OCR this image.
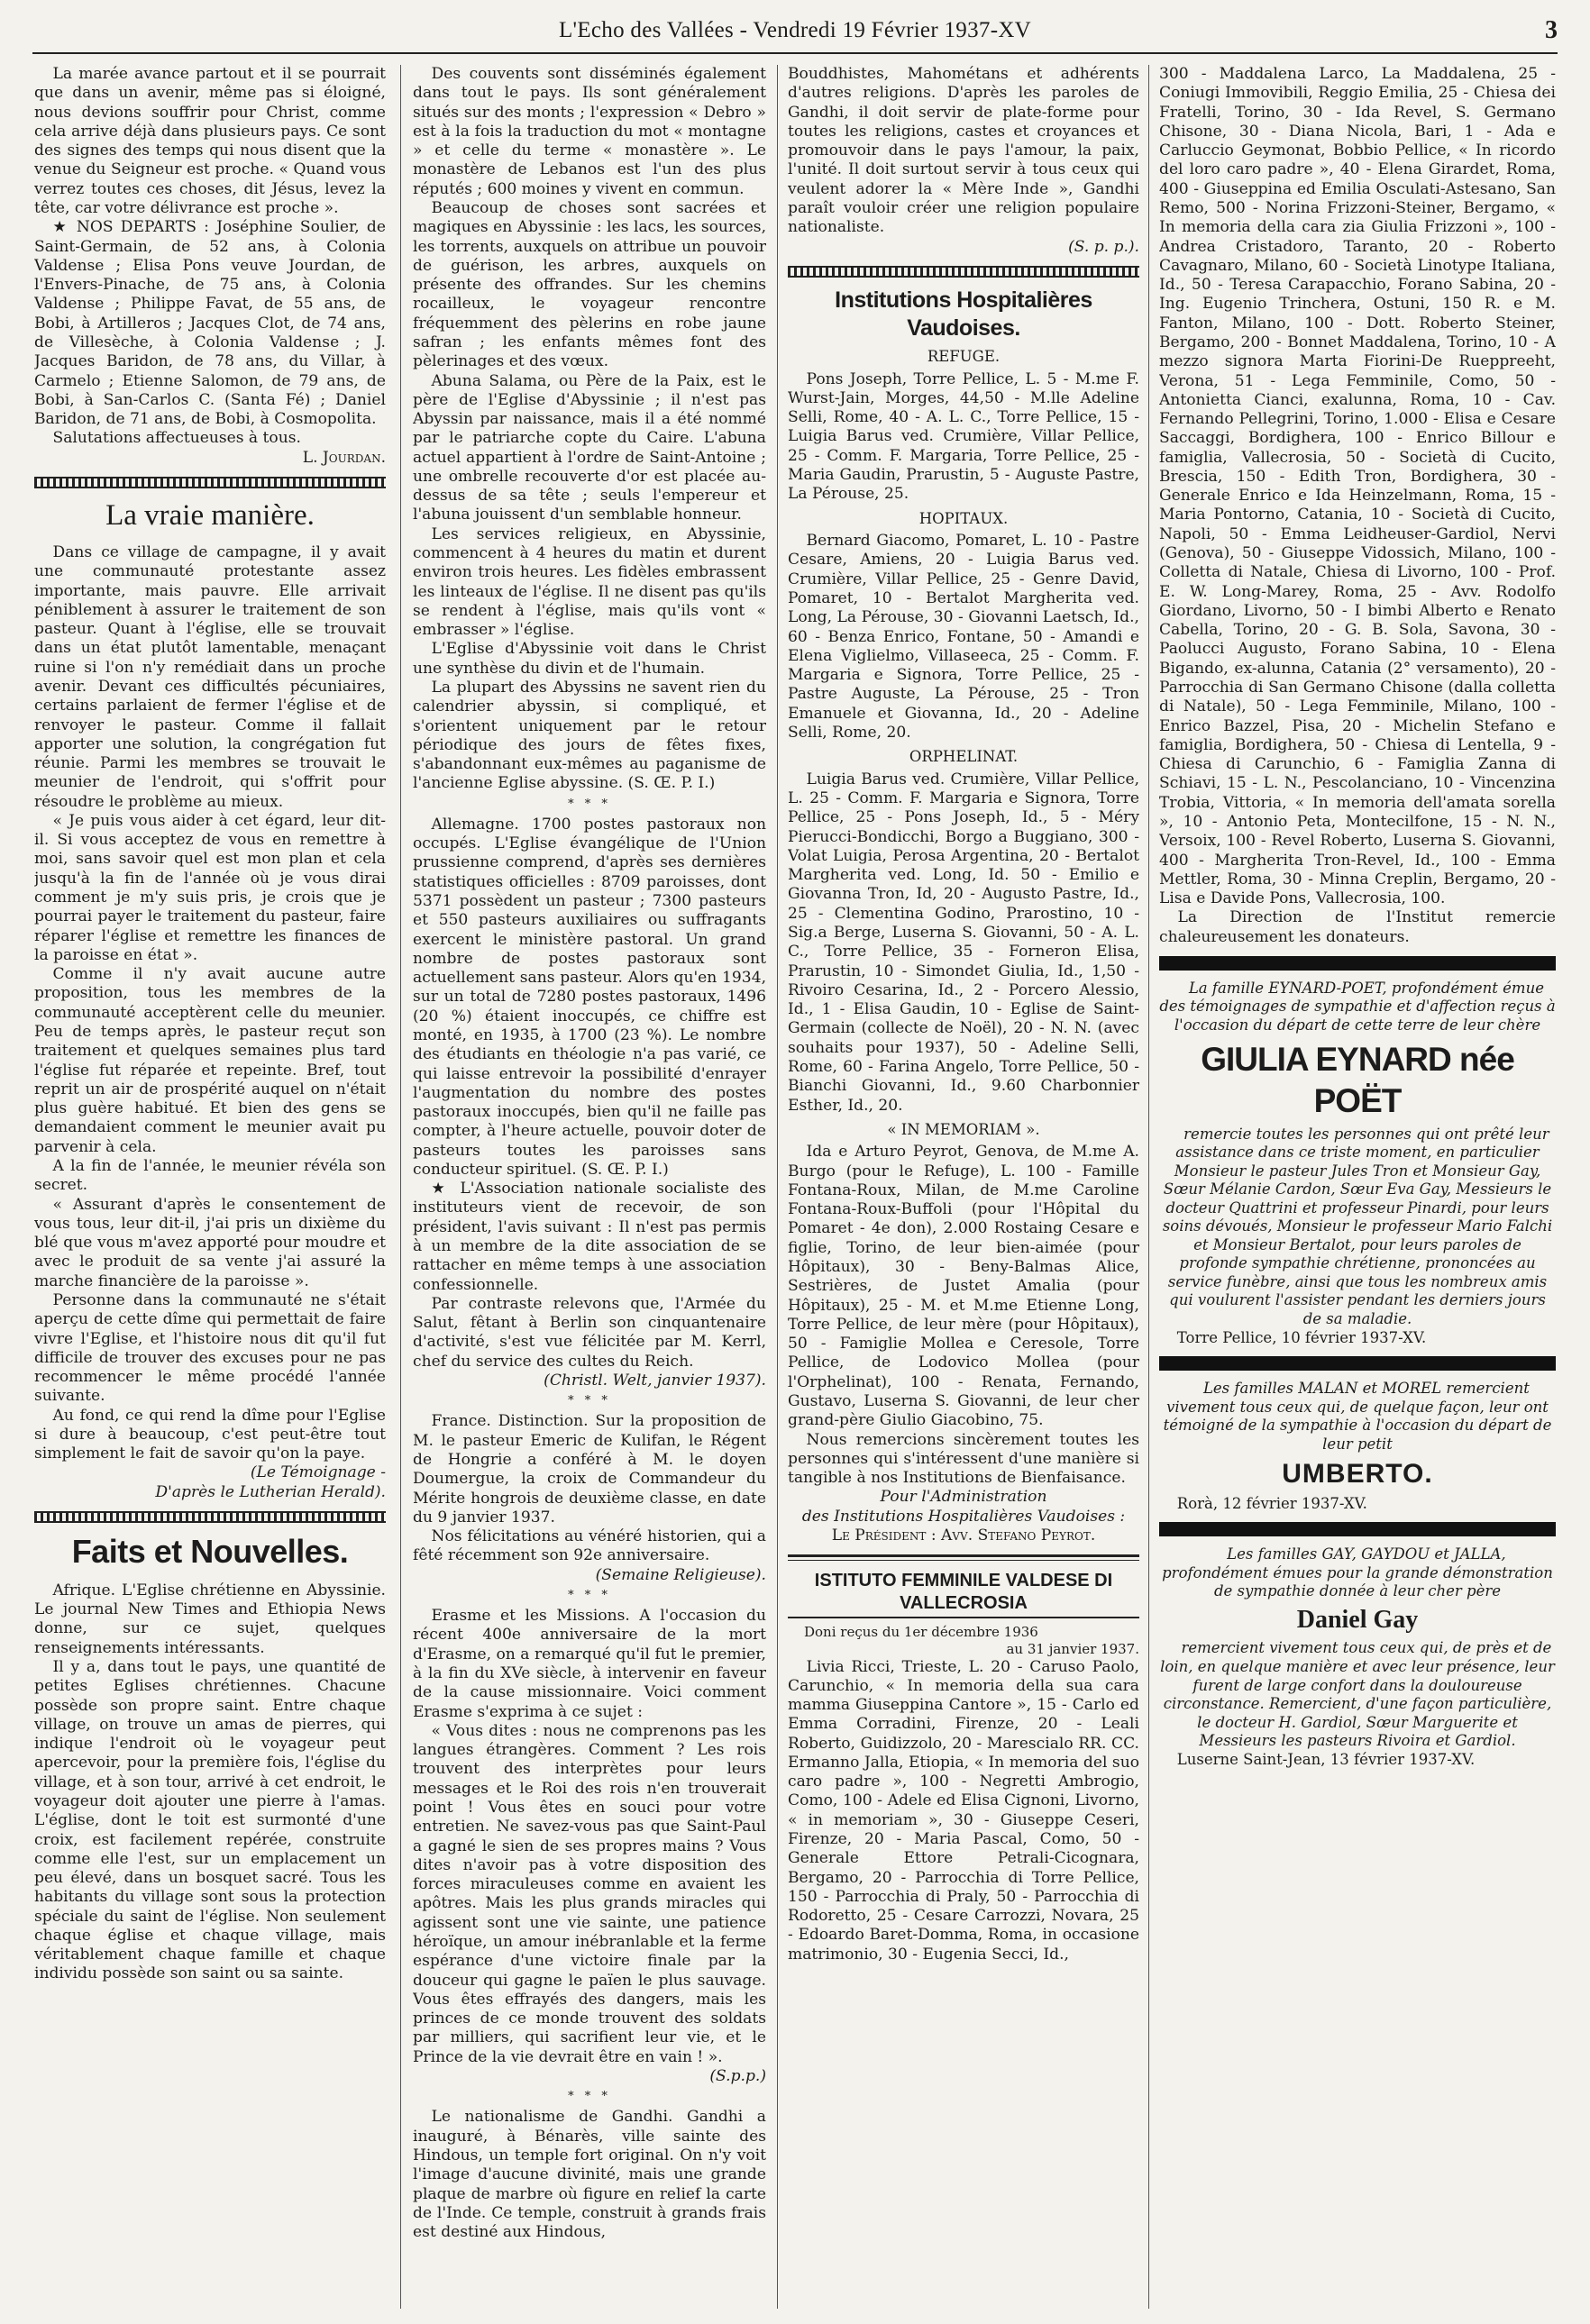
L'Echo des Vallées - Vendredi 19 Février 1937-XV	3

La marée avance partout et il se pourrait que dans un avenir, même pas si éloigné, nous devions souffrir pour Christ, comme cela arrive déjà dans plusieurs pays. Ce sont des signes des temps qui nous disent que la venue du Seigneur est proche. « Quand vous verrez toutes ces choses, dit Jésus, levez la tête, car votre délivrance est proche ».

★ NOS DEPARTS : Joséphine Soulier, de Saint-Germain, de 52 ans, à Colonia Valdense ; Elisa Pons veuve Jourdan, de l'Envers-Pinache, de 75 ans, à Colonia Valdense ; Philippe Favat, de 55 ans, de Bobi, à Artilleros ; Jacques Clot, de 74 ans, de Villesèche, à Colonia Valdense ; J. Jacques Baridon, de 78 ans, du Villar, à Carmelo ; Etienne Salomon, de 79 ans, de Bobi, à San-Carlos C. (Santa Fé) ; Daniel Baridon, de 71 ans, de Bobi, à Cosmopolita.

Salutations affectueuses à tous.

L. Jourdan.

La vraie manière.

Dans ce village de campagne, il y avait une communauté protestante assez importante, mais pauvre. Elle arrivait péniblement à assurer le traitement de son pasteur. Quant à l'église, elle se trouvait dans un état plutôt lamentable, menaçant ruine si l'on n'y remédiait dans un proche avenir. Devant ces difficultés pécuniaires, certains parlaient de fermer l'église et de renvoyer le pasteur. Comme il fallait apporter une solution, la congrégation fut réunie. Parmi les membres se trouvait le meunier de l'endroit, qui s'offrit pour résoudre le problème au mieux.

« Je puis vous aider à cet égard, leur dit-il. Si vous acceptez de vous en remettre à moi, sans savoir quel est mon plan et cela jusqu'à la fin de l'année où je vous dirai comment je m'y suis pris, je crois que je pourrai payer le traitement du pasteur, faire réparer l'église et remettre les finances de la paroisse en état ».

Comme il n'y avait aucune autre proposition, tous les membres de la communauté acceptèrent celle du meunier. Peu de temps après, le pasteur reçut son traitement et quelques semaines plus tard l'église fut réparée et repeinte. Bref, tout reprit un air de prospérité auquel on n'était plus guère habitué. Et bien des gens se demandaient comment le meunier avait pu parvenir à cela.

A la fin de l'année, le meunier révéla son secret.

« Assurant d'après le consentement de vous tous, leur dit-il, j'ai pris un dixième du blé que vous m'avez apporté pour moudre et avec le produit de sa vente j'ai assuré la marche financière de la paroisse ».

Personne dans la communauté ne s'était aperçu de cette dîme qui permettait de faire vivre l'Eglise, et l'histoire nous dit qu'il fut difficile de trouver des excuses pour ne pas recommencer le même procédé l'année suivante.

Au fond, ce qui rend la dîme pour l'Eglise si dure à beaucoup, c'est peut-être tout simplement le fait de savoir qu'on la paye.

(Le Témoignage -

D'après le Lutherian Herald).

Faits et Nouvelles.

Afrique. L'Eglise chrétienne en Abyssinie. Le journal New Times and Ethiopia News donne, sur ce sujet, quelques renseignements intéressants.

Il y a, dans tout le pays, une quantité de petites Eglises chrétiennes. Chacune possède son propre saint. Entre chaque village, on trouve un amas de pierres, qui indique l'endroit où le voyageur peut apercevoir, pour la première fois, l'église du village, et à son tour, arrivé à cet endroit, le voyageur doit ajouter une pierre à l'amas. L'église, dont le toit est surmonté d'une croix, est facilement repérée, construite comme elle l'est, sur un emplacement un peu élevé, dans un bosquet sacré. Tous les habitants du village sont sous la protection spéciale du saint de l'église. Non seulement chaque église et chaque village, mais véritablement chaque famille et chaque individu possède son saint ou sa sainte.

Des couvents sont disséminés également dans tout le pays. Ils sont généralement situés sur des monts ; l'expression « Debro » est à la fois la traduction du mot « montagne » et celle du terme « monastère ». Le monastère de Lebanos est l'un des plus réputés ; 600 moines y vivent en commun.

Beaucoup de choses sont sacrées et magiques en Abyssinie : les lacs, les sources, les torrents, auxquels on attribue un pouvoir de guérison, les arbres, auxquels on présente des offrandes. Sur les chemins rocailleux, le voyageur rencontre fréquemment des pèlerins en robe jaune safran ; les enfants mêmes font des pèlerinages et des vœux.

Abuna Salama, ou Père de la Paix, est le père de l'Eglise d'Abyssinie ; il n'est pas Abyssin par naissance, mais il a été nommé par le patriarche copte du Caire. L'abuna actuel appartient à l'ordre de Saint-Antoine ; une ombrelle recouverte d'or est placée au-dessus de sa tête ; seuls l'empereur et l'abuna jouissent d'un semblable honneur.

Les services religieux, en Abyssinie, commencent à 4 heures du matin et durent environ trois heures. Les fidèles embrassent les linteaux de l'église. Il ne disent pas qu'ils se rendent à l'église, mais qu'ils vont « embrasser » l'église.

L'Eglise d'Abyssinie voit dans le Christ une synthèse du divin et de l'humain.

La plupart des Abyssins ne savent rien du calendrier abyssin, si compliqué, et s'orientent uniquement par le retour périodique des jours de fêtes fixes, s'abandonnant eux-mêmes au paganisme de l'ancienne Eglise abyssine. (S. Œ. P. I.)

* * *

Allemagne. 1700 postes pastoraux non occupés. L'Eglise évangélique de l'Union prussienne comprend, d'après ses dernières statistiques officielles : 8709 paroisses, dont 5371 possèdent un pasteur ; 7300 pasteurs et 550 pasteurs auxiliaires ou suffragants exercent le ministère pastoral. Un grand nombre de postes pastoraux sont actuellement sans pasteur. Alors qu'en 1934, sur un total de 7280 postes pastoraux, 1496 (20 %) étaient inoccupés, ce chiffre est monté, en 1935, à 1700 (23 %). Le nombre des étudiants en théologie n'a pas varié, ce qui laisse entrevoir la possibilité d'enrayer l'augmentation du nombre des postes pastoraux inoccupés, bien qu'il ne faille pas compter, à l'heure actuelle, pouvoir doter de pasteurs toutes les paroisses sans conducteur spirituel. (S. Œ. P. I.)

★ L'Association nationale socialiste des instituteurs vient de recevoir, de son président, l'avis suivant : Il n'est pas permis à un membre de la dite association de se rattacher en même temps à une association confessionnelle.

Par contraste relevons que, l'Armée du Salut, fêtant à Berlin son cinquantenaire d'activité, s'est vue félicitée par M. Kerrl, chef du service des cultes du Reich.

(Christl. Welt, janvier 1937).

* * *

France. Distinction. Sur la proposition de M. le pasteur Emeric de Kulifan, le Régent de Hongrie a conféré à M. le doyen Doumergue, la croix de Commandeur du Mérite hongrois de deuxième classe, en date du 9 janvier 1937.

Nos félicitations au vénéré historien, qui a fêté récemment son 92e anniversaire.

(Semaine Religieuse).

* * *

Erasme et les Missions. A l'occasion du récent 400e anniversaire de la mort d'Erasme, on a remarqué qu'il fut le premier, à la fin du XVe siècle, à intervenir en faveur de la cause missionnaire. Voici comment Erasme s'exprima à ce sujet :

« Vous dites : nous ne comprenons pas les langues étrangères. Comment ? Les rois trouvent des interprètes pour leurs messages et le Roi des rois n'en trouverait point ! Vous êtes en souci pour votre entretien. Ne savez-vous pas que Saint-Paul a gagné le sien de ses propres mains ? Vous dites n'avoir pas à votre disposition des forces miraculeuses comme en avaient les apôtres. Mais les plus grands miracles qui agissent sont une vie sainte, une patience héroïque, un amour inébranlable et la ferme espérance d'une victoire finale par la douceur qui gagne le païen le plus sauvage. Vous êtes effrayés des dangers, mais les princes de ce monde trouvent des soldats par milliers, qui sacrifient leur vie, et le Prince de la vie devrait être en vain ! ».

(S.p.p.)

* * *

Le nationalisme de Gandhi. Gandhi a inauguré, à Bénarès, ville sainte des Hindous, un temple fort original. On n'y voit l'image d'aucune divinité, mais une grande plaque de marbre où figure en relief la carte de l'Inde. Ce temple, construit à grands frais est destiné aux Hindous,

Bouddhistes, Mahométans et adhérents d'autres religions. D'après les paroles de Gandhi, il doit servir de plate-forme pour toutes les religions, castes et croyances et promouvoir dans le pays l'amour, la paix, l'unité. Il doit surtout servir à tous ceux qui veulent adorer la « Mère Inde », Gandhi paraît vouloir créer une religion populaire nationaliste.

(S. p. p.).

Institutions Hospitalières Vaudoises.
REFUGE.

Pons Joseph, Torre Pellice, L. 5 - M.me F. Wurst-Jain, Morges, 44,50 - M.lle Adeline Selli, Rome, 40 - A. L. C., Torre Pellice, 15 - Luigia Barus ved. Crumière, Villar Pellice, 25 - Comm. F. Margaria, Torre Pellice, 25 - Maria Gaudin, Prarustin, 5 - Auguste Pastre, La Pérouse, 25.

HOPITAUX.

Bernard Giacomo, Pomaret, L. 10 - Pastre Cesare, Amiens, 20 - Luigia Barus ved. Crumière, Villar Pellice, 25 - Genre David, Pomaret, 10 - Bertalot Margherita ved. Long, La Pérouse, 30 - Giovanni Laetsch, Id., 60 - Benza Enrico, Fontane, 50 - Amandi e Elena Viglielmo, Villaseeca, 25 - Comm. F. Margaria e Signora, Torre Pellice, 25 - Pastre Auguste, La Pérouse, 25 - Tron Emanuele et Giovanna, Id., 20 - Adeline Selli, Rome, 20.

ORPHELINAT.

Luigia Barus ved. Crumière, Villar Pellice, L. 25 - Comm. F. Margaria e Signora, Torre Pellice, 25 - Pons Joseph, Id., 5 - Méry Pierucci-Bondicchi, Borgo a Buggiano, 300 - Volat Luigia, Perosa Argentina, 20 - Bertalot Margherita ved. Long, Id. 50 - Emilio e Giovanna Tron, Id, 20 - Augusto Pastre, Id., 25 - Clementina Godino, Prarostino, 10 - Sig.a Berge, Luserna S. Giovanni, 50 - A. L. C., Torre Pellice, 35 - Forneron Elisa, Prarustin, 10 - Simondet Giulia, Id., 1,50 - Rivoiro Cesarina, Id., 2 - Porcero Alessio, Id., 1 - Elisa Gaudin, 10 - Eglise de Saint-Germain (collecte de Noël), 20 - N. N. (avec souhaits pour 1937), 50 - Adeline Selli, Rome, 60 - Farina Angelo, Torre Pellice, 50 - Bianchi Giovanni, Id., 9.60 Charbonnier Esther, Id., 20.

« IN MEMORIAM ».

Ida e Arturo Peyrot, Genova, de M.me A. Burgo (pour le Refuge), L. 100 - Famille Fontana-Roux, Milan, de M.me Caroline Fontana-Roux-Buffoli (pour l'Hôpital du Pomaret - 4e don), 2.000 Rostaing Cesare e figlie, Torino, de leur bien-aimée (pour Hôpitaux), 30 - Beny-Balmas Alice, Sestrières, de Justet Amalia (pour Hôpitaux), 25 - M. et M.me Etienne Long, Torre Pellice, de leur mère (pour Hôpitaux), 50 - Famiglie Mollea e Ceresole, Torre Pellice, de Lodovico Mollea (pour l'Orphelinat), 100 - Renata, Fernando, Gustavo, Luserna S. Giovanni, de leur cher grand-père Giulio Giacobino, 75.

Nous remercions sincèrement toutes les personnes qui s'intéressent d'une manière si tangible à nos Institutions de Bienfaisance.

Pour l'Administration

des Institutions Hospitalières Vaudoises :

Le Président : Avv. Stefano Peyrot.

ISTITUTO FEMMINILE VALDESE DI VALLECROSIA

Doni reçus du 1er décembre 1936

au 31 janvier 1937.

Livia Ricci, Trieste, L. 20 - Caruso Paolo, Carunchio, « In memoria della sua cara mamma Giuseppina Cantore », 15 - Carlo ed Emma Corradini, Firenze, 20 - Leali Roberto, Guidizzolo, 20 - Marescialo RR. CC. Ermanno Jalla, Etiopia, « In memoria del suo caro padre », 100 - Negretti Ambrogio, Como, 100 - Adele ed Elisa Cignoni, Livorno, « in memoriam », 30 - Giuseppe Ceseri, Firenze, 20 - Maria Pascal, Como, 50 - Generale Ettore Petrali-Cicognara, Bergamo, 20 - Parrocchia di Torre Pellice, 150 - Parrocchia di Praly, 50 - Parrocchia di Rodoretto, 25 - Cesare Carrozzi, Novara, 25 - Edoardo Baret-Domma, Roma, in occasione matrimonio, 30 - Eugenia Secci, Id.,

300 - Maddalena Larco, La Maddalena, 25 - Coniugi Immovibili, Reggio Emilia, 25 - Chiesa dei Fratelli, Torino, 30 - Ida Revel, S. Germano Chisone, 30 - Diana Nicola, Bari, 1 - Ada e Carluccio Geymonat, Bobbio Pellice, « In ricordo del loro caro padre », 40 - Elena Girardet, Roma, 400 - Giuseppina ed Emilia Osculati-Astesano, San Remo, 500 - Norina Frizzoni-Steiner, Bergamo, « In memoria della cara zia Giulia Frizzoni », 100 - Andrea Cristadoro, Taranto, 20 - Roberto Cavagnaro, Milano, 60 - Società Linotype Italiana, Id., 50 - Teresa Carapacchio, Forano Sabina, 20 - Ing. Eugenio Trinchera, Ostuni, 150 R. e M. Fanton, Milano, 100 - Dott. Roberto Steiner, Bergamo, 200 - Bonnet Maddalena, Torino, 10 - A mezzo signora Marta Fiorini-De Rueppreeht, Verona, 51 - Lega Femminile, Como, 50 - Antonietta Cianci, exalunna, Roma, 10 - Cav. Fernando Pellegrini, Torino, 1.000 - Elisa e Cesare Saccaggi, Bordighera, 100 - Enrico Billour e famiglia, Vallecrosia, 50 - Società di Cucito, Brescia, 150 - Edith Tron, Bordighera, 30 - Generale Enrico e Ida Heinzelmann, Roma, 15 - Maria Pontorno, Catania, 10 - Società di Cucito, Napoli, 50 - Emma Leidheuser-Gardiol, Nervi (Genova), 50 - Giuseppe Vidossich, Milano, 100 - Colletta di Natale, Chiesa di Livorno, 100 - Prof. E. W. Long-Marey, Roma, 25 - Avv. Rodolfo Giordano, Livorno, 50 - I bimbi Alberto e Renato Cabella, Torino, 20 - G. B. Sola, Savona, 30 - Paolucci Augusto, Forano Sabina, 10 - Elena Bigando, ex-alunna, Catania (2° versamento), 20 - Parrocchia di San Germano Chisone (dalla colletta di Natale), 50 - Lega Femminile, Milano, 100 - Enrico Bazzel, Pisa, 20 - Michelin Stefano e famiglia, Bordighera, 50 - Chiesa di Lentella, 9 - Chiesa di Carunchio, 6 - Famiglia Zanna di Schiavi, 15 - L. N., Pescolanciano, 10 - Vincenzina Trobia, Vittoria, « In memoria dell'amata sorella », 10 - Antonio Peta, Montecilfone, 15 - N. N., Versoix, 100 - Revel Roberto, Luserna S. Giovanni, 400 - Margherita Tron-Revel, Id., 100 - Emma Mettler, Roma, 30 - Minna Creplin, Bergamo, 20 - Lisa e Davide Pons, Vallecrosia, 100.

La Direction de l'Institut remercie chaleureusement les donateurs.

La famille EYNARD-POET, profondément émue des témoignages de sympathie et d'affection reçus à l'occasion du départ de cette terre de leur chère

GIULIA EYNARD née POËT

remercie toutes les personnes qui ont prêté leur assistance dans ce triste moment, en particulier Monsieur le pasteur Jules Tron et Monsieur Gay, Sœur Mélanie Cardon, Sœur Eva Gay, Messieurs le docteur Quattrini et professeur Pinardi, pour leurs soins dévoués, Monsieur le professeur Mario Falchi et Monsieur Bertalot, pour leurs paroles de profonde sympathie chrétienne, prononcées au service funèbre, ainsi que tous les nombreux amis qui voulurent l'assister pendant les derniers jours de sa maladie.

Torre Pellice, 10 février 1937-XV.

Les familles MALAN et MOREL remercient vivement tous ceux qui, de quelque façon, leur ont témoigné de la sympathie à l'occasion du départ de leur petit

UMBERTO.

Rorà, 12 février 1937-XV.

Les familles GAY, GAYDOU et JALLA, profondément émues pour la grande démonstration de sympathie donnée à leur cher père

Daniel Gay

remercient vivement tous ceux qui, de près et de loin, en quelque manière et avec leur présence, leur furent de large confort dans la douloureuse circonstance. Remercient, d'une façon particulière, le docteur H. Gardiol, Sœur Marguerite et Messieurs les pasteurs Rivoira et Gardiol.

Luserne Saint-Jean, 13 février 1937-XV.
